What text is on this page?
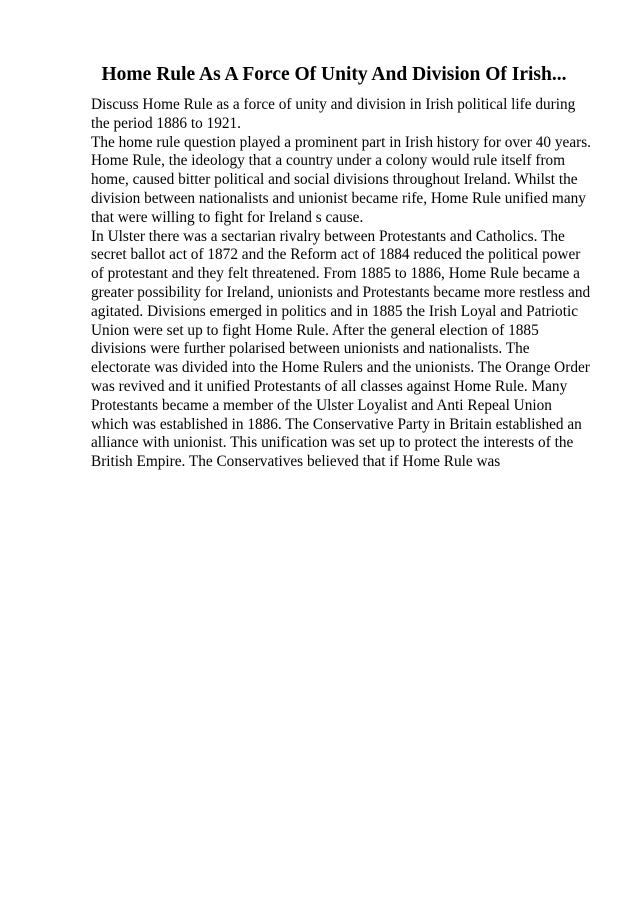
Home Rule As A Force Of Unity And Division Of Irish...

Discuss Home Rule as a force of unity and division in Irish political life during the period 1886 to 1921.

The home rule question played a prominent part in Irish history for over 40 years. Home Rule, the ideology that a country under a colony would rule itself from home, caused bitter political and social divisions throughout Ireland. Whilst the division between nationalists and unionist became rife, Home Rule unified many that were willing to fight for Ireland s cause.

In Ulster there was a sectarian rivalry between Protestants and Catholics. The secret ballot act of 1872 and the Reform act of 1884 reduced the political power of protestant and they felt threatened. From 1885 to 1886, Home Rule became a greater possibility for Ireland, unionists and Protestants became more restless and agitated. Divisions emerged in politics and in 1885 the Irish Loyal and Patriotic Union were set up to fight Home Rule. After the general election of 1885 divisions were further polarised between unionists and nationalists. The electorate was divided into the Home Rulers and the unionists. The Orange Order was revived and it unified Protestants of all classes against Home Rule. Many Protestants became a member of the Ulster Loyalist and Anti Repeal Union which was established in 1886. The Conservative Party in Britain established an alliance with unionist. This unification was set up to protect the interests of the British Empire. The Conservatives believed that if Home Rule was
